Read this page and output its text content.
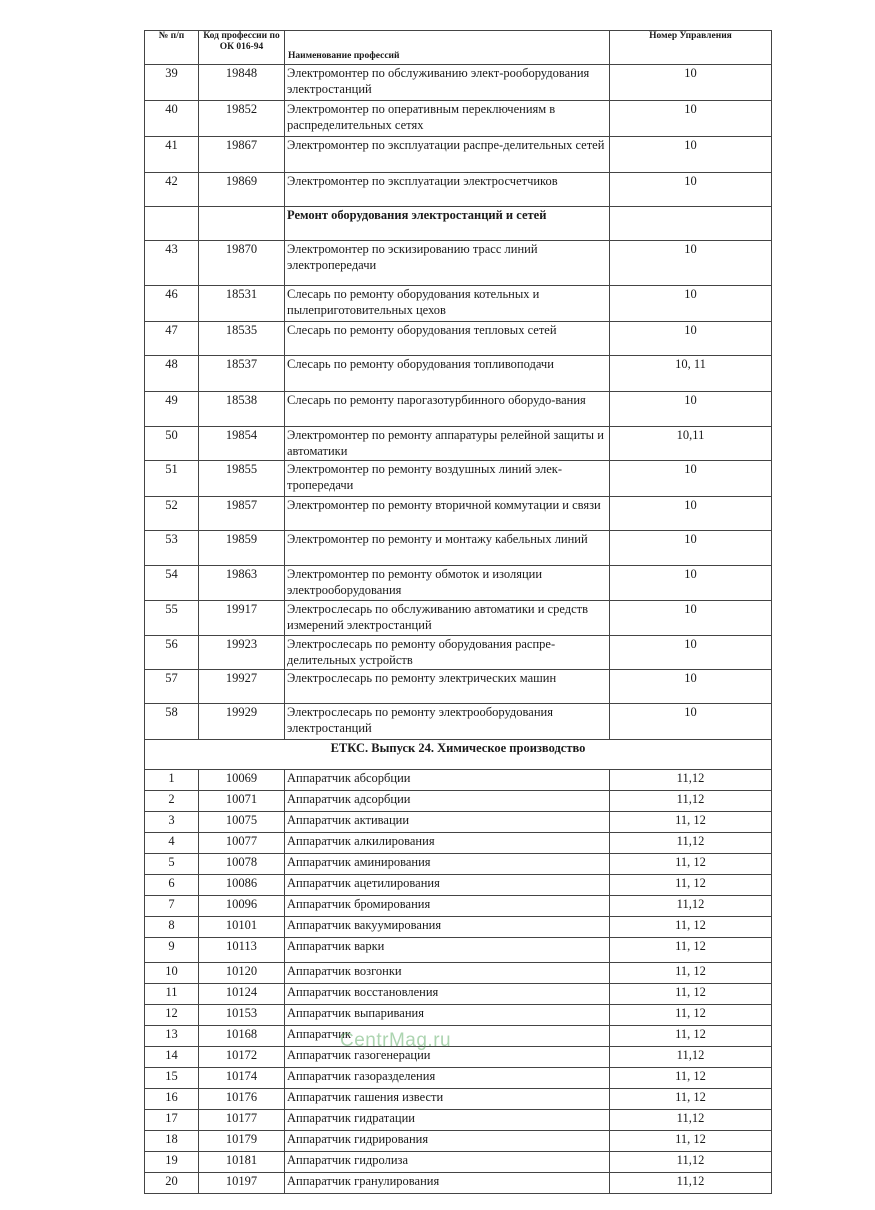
№ п/п	Код профессии по ОК 016-94	Наименование профессий	Номер Управления
39	19848	Электромонтер по обслуживанию элект-рооборудования электростанций	10
40	19852	Электромонтер по оперативным переключениям в распределительных сетях	10
41	19867	Электромонтер по эксплуатации распре-делительных сетей	10
42	19869	Электромонтер по эксплуатации электросчетчиков	10
		Ремонт оборудования электростанций и сетей	
43	19870	Электромонтер по эскизированию трасс линий электропередачи	10
46	18531	Слесарь по ремонту оборудования котельных и пылеприготовительных цехов	10
47	18535	Слесарь по ремонту оборудования тепловых сетей	10
48	18537	Слесарь по ремонту оборудования топливоподачи	10, 11
49	18538	Слесарь по ремонту парогазотурбинного оборудо-вания	10
50	19854	Электромонтер по ремонту аппаратуры релейной защиты и автоматики	10,11
51	19855	Электромонтер по ремонту воздушных линий элек-тропередачи	10
52	19857	Электромонтер по ремонту вторичной коммутации и связи	10
53	19859	Электромонтер по ремонту и монтажу кабельных линий	10
54	19863	Электромонтер по ремонту обмоток и изоляции электрооборудования	10
55	19917	Электрослесарь по обслуживанию автоматики и средств измерений электростанций	10
56	19923	Электрослесарь по ремонту оборудования распре-делительных устройств	10
57	19927	Электрослесарь по ремонту электрических машин	10
58	19929	Электрослесарь по ремонту электрооборудования электростанций	10
ЕТКС. Выпуск 24. Химическое производство			
1	10069	Аппаратчик абсорбции	11,12
2	10071	Аппаратчик адсорбции	11,12
3	10075	Аппаратчик активации	11, 12
4	10077	Аппаратчик алкилирования	11,12
5	10078	Аппаратчик аминирования	11, 12
6	10086	Аппаратчик ацетилирования	11, 12
7	10096	Аппаратчик бромирования	11,12
8	10101	Аппаратчик вакуумирования	11, 12
9	10113	Аппаратчик варки	11, 12
10	10120	Аппаратчик возгонки	11, 12
11	10124	Аппаратчик восстановления	11, 12
12	10153	Аппаратчик выпаривания	11, 12
13	10168	Аппаратчик	11, 12
14	10172	Аппаратчик газогенерации	11,12
15	10174	Аппаратчик газоразделения	11, 12
16	10176	Аппаратчик гашения извести	11, 12
17	10177	Аппаратчик гидратации	11,12
18	10179	Аппаратчик гидрирования	11, 12
19	10181	Аппаратчик гидролиза	11,12
20	10197	Аппаратчик гранулирования	11,12
CentrMag.ru
